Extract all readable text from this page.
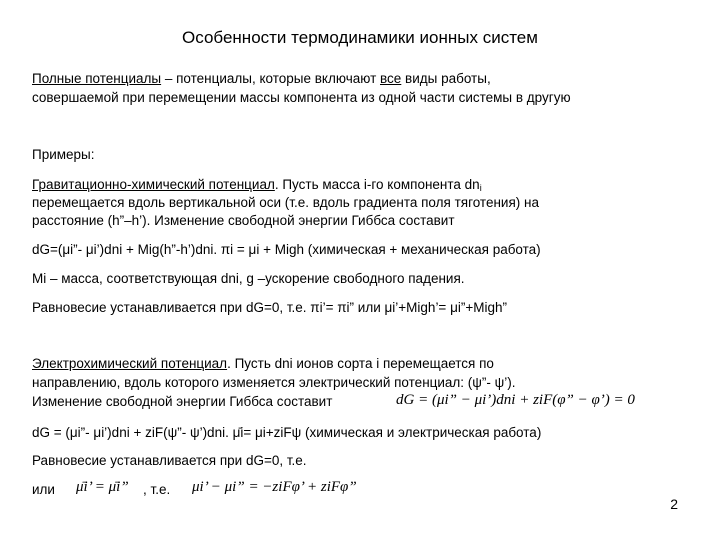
Особенности термодинамики ионных систем
Полные потенциалы – потенциалы, которые включают все виды работы,
совершаемой при перемещении массы компонента из одной части системы в другую
Примеры:
Гравитационно-химический потенциал. Пусть масса i-го компонента $dn_i$
перемещается вдоль вертикальной оси (т.е. вдоль градиента поля тяготения) на
расстояние (h”–h’). Изменение свободной энергии Гиббса составит
dG=(μi”- μi’)dni + Mig(h”-h’)dni. πi = μi + Migh (химическая + механическая работа)
Mi – масса, соответствующая dni, g –ускорение свободного падения.
Равновесие устанавливается при dG=0, т.е. πi’= πi” или μi’+Migh’= μi”+Migh”
Электрохимический потенциал. Пусть dni ионов сорта i перемещается по
направлению, вдоль которого изменяется электрический потенциал: (ψ”- ψ’).
Изменение свободной энергии Гиббса составит	dG = (μi” − μi’)dni + ziF(φ” − φ’) = 0
dG = (μi”- μi’)dni + ziF(ψ”- ψ’)dni. μ̄i= μi+ziFψ (химическая и электрическая работа)
Равновесие устанавливается при dG=0, т.е.
или μ̄i’ = μ̄i” , т.е. μi’ − μi” = −ziFφ’ + ziFφ”
2
